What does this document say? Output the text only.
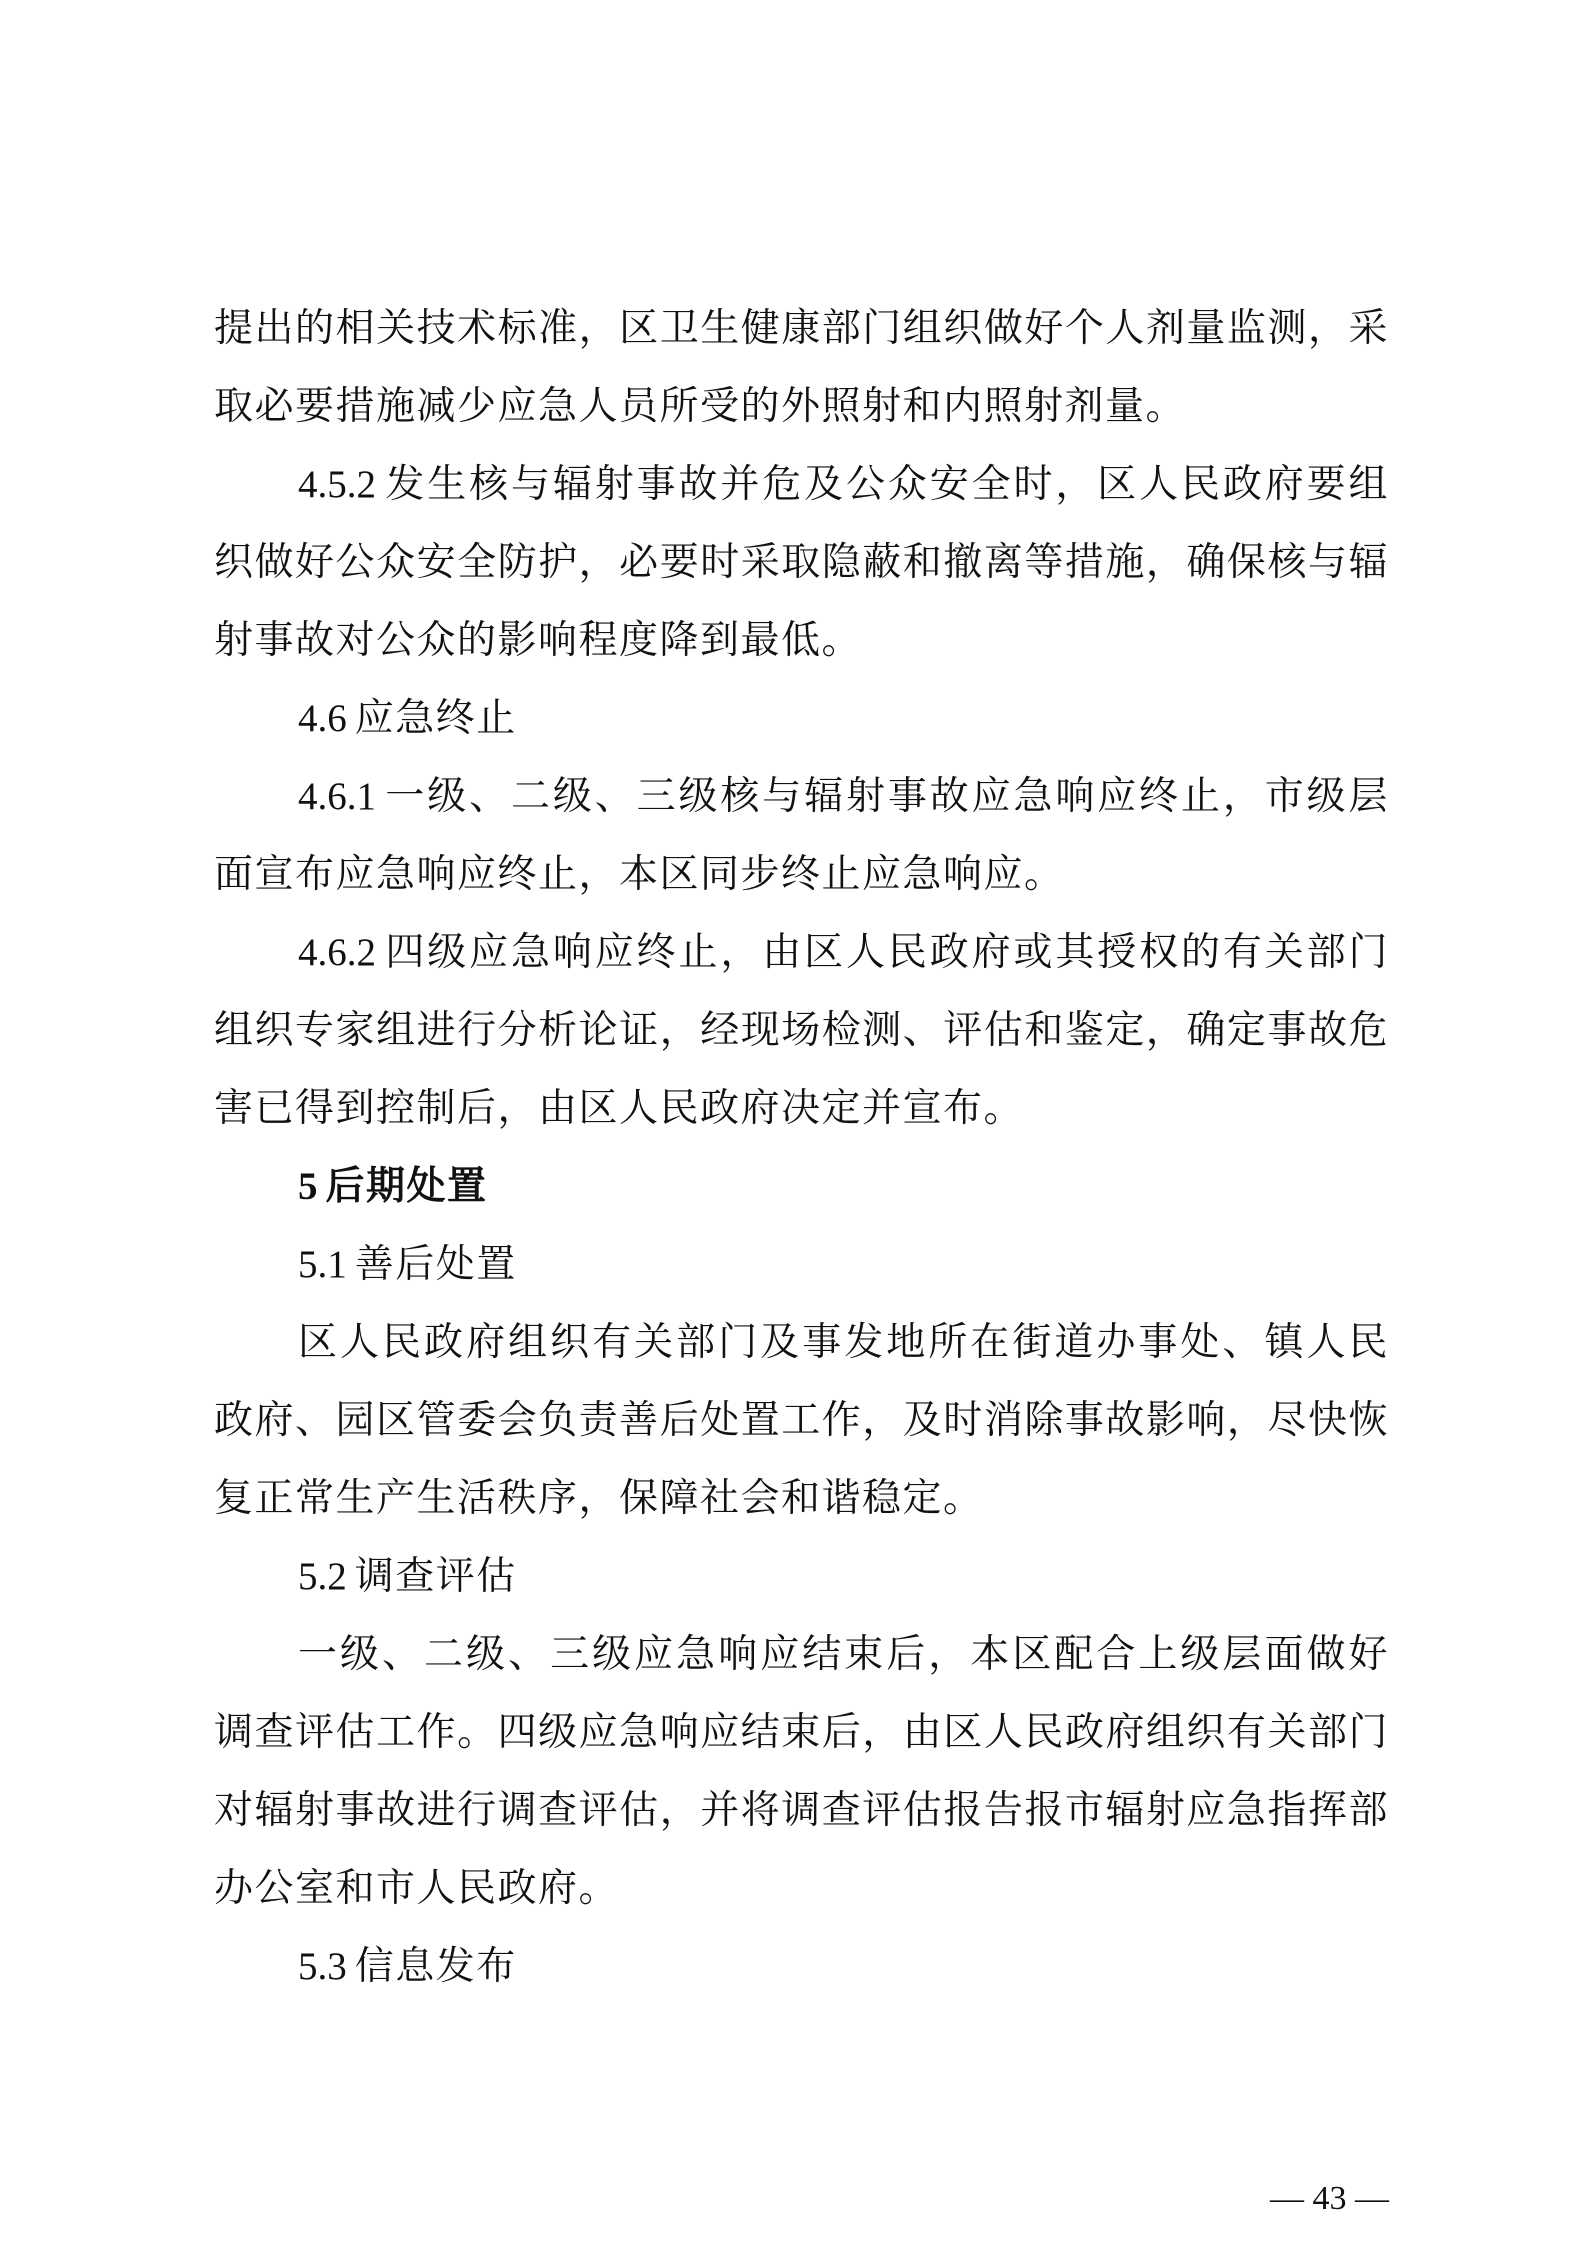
提出的相关技术标准，区卫生健康部门组织做好个人剂量监测，采取必要措施减少应急人员所受的外照射和内照射剂量。

4.5.2 发生核与辐射事故并危及公众安全时，区人民政府要组织做好公众安全防护，必要时采取隐蔽和撤离等措施，确保核与辐射事故对公众的影响程度降到最低。

4.6 应急终止

4.6.1 一级、二级、三级核与辐射事故应急响应终止，市级层面宣布应急响应终止，本区同步终止应急响应。

4.6.2 四级应急响应终止，由区人民政府或其授权的有关部门组织专家组进行分析论证，经现场检测、评估和鉴定，确定事故危害已得到控制后，由区人民政府决定并宣布。

5 后期处置

5.1 善后处置

区人民政府组织有关部门及事发地所在街道办事处、镇人民政府、园区管委会负责善后处置工作，及时消除事故影响，尽快恢复正常生产生活秩序，保障社会和谐稳定。

5.2 调查评估

一级、二级、三级应急响应结束后，本区配合上级层面做好调查评估工作。四级应急响应结束后，由区人民政府组织有关部门对辐射事故进行调查评估，并将调查评估报告报市辐射应急指挥部办公室和市人民政府。

5.3 信息发布

— 43 —
